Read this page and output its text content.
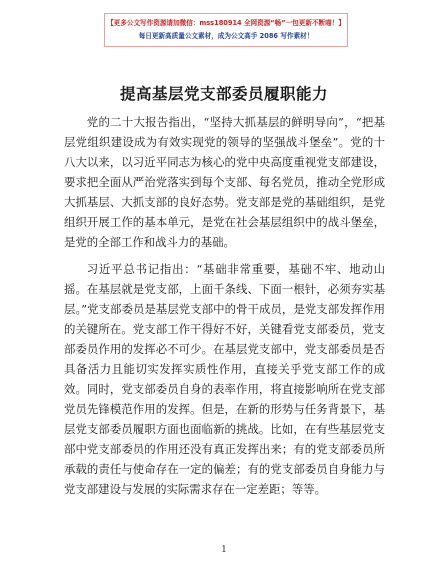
【更多公文写作资源请加微信：mss180914 全网资源“畅”一包更新不断喵！】
每日更新高质量公文素材，成为公文高手 2086 写作素材！
提高基层党支部委员履职能力

党的二十大报告指出，“坚持大抓基层的鲜明导向”，“把基层党组织建设成为有效实现党的领导的坚强战斗堡垒”。党的十八大以来，以习近平同志为核心的党中央高度重视党支部建设，要求把全面从严治党落实到每个支部、每名党员，推动全党形成大抓基层、大抓支部的良好态势。党支部是党的基础组织，是党组织开展工作的基本单元，是党在社会基层组织中的战斗堡垒，是党的全部工作和战斗力的基础。

习近平总书记指出：“基础非常重要，基础不牢、地动山摇。在基层就是党支部，上面千条线、下面一根针，必须夯实基层。”党支部委员是基层党支部中的骨干成员，是党支部发挥作用的关键所在。党支部工作干得好不好，关键看党支部委员，党支部委员作用的发挥必不可少。在基层党支部中，党支部委员是否具备活力且能切实发挥实质性作用，直接关乎党支部工作的成效。同时，党支部委员自身的表率作用，将直接影响所在党支部党员先锋模范作用的发挥。但是，在新的形势与任务背景下，基层党支部委员履职方面也面临新的挑战。比如，在有些基层党支部中党支部委员的作用还没有真正发挥出来；有的党支部委员所承载的责任与使命存在一定的偏差；有的党支部委员自身能力与党支部建设与发展的实际需求存在一定差距；等等。

1
